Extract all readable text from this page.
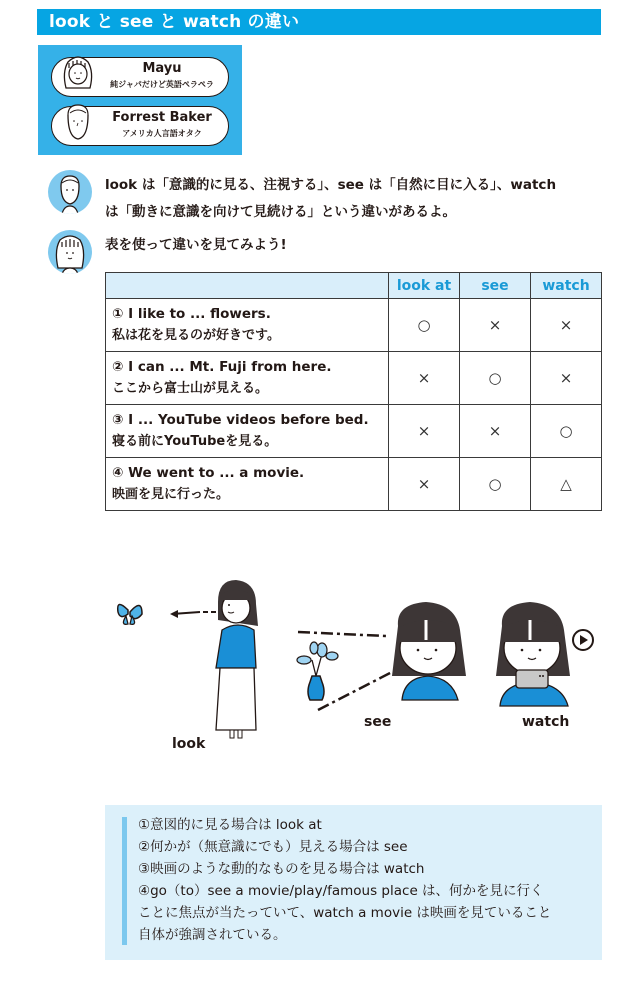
look と see と watch の違い
Mayu
純ジャパだけど英語ペラペラ
Forrest Baker
アメリカ人言語オタク
look は「意識的に見る、注視する」、see は「自然に目に入る」、watch
は「動きに意識を向けて見続ける」という違いがあるよ。
表を使って違いを見てみよう!
	look at	see	watch

① I like to ... flowers.
私は花を見るのが好きです。	○	×	×

② I can ... Mt. Fuji from here.
ここから富士山が見える。	×	○	×

③ I ... YouTube videos before bed.
寝る前にYouTubeを見る。	×	×	○

④ We went to ... a movie.
映画を見に行った。	×	○	△
look
see	watch
①意図的に見る場合は look at
②何かが（無意識にでも）見える場合は see
③映画のような動的なものを見る場合は watch
④go（to）see a movie/play/famous place は、何かを見に行く
ことに焦点が当たっていて、watch a movie は映画を見ていること
自体が強調されている。
